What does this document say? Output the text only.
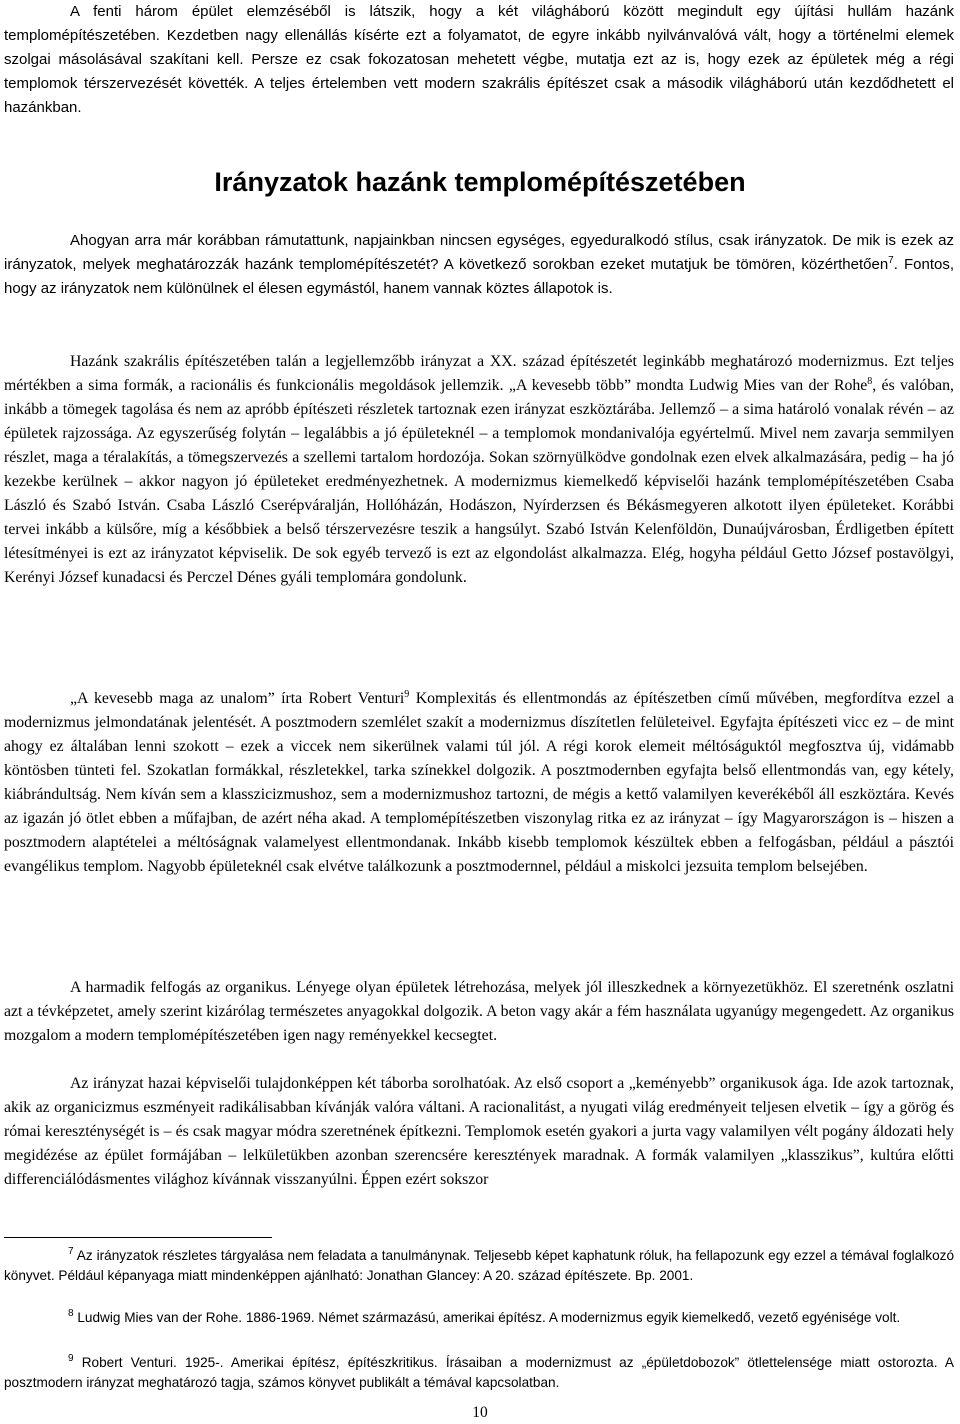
A fenti három épület elemzéséből is látszik, hogy a két világháború között megindult egy újítási hullám hazánk templomépítészetében. Kezdetben nagy ellenállás kísérte ezt a folyamatot, de egyre inkább nyilvánvalóvá vált, hogy a történelmi elemek szolgai másolásával szakítani kell. Persze ez csak fokozatosan mehetett végbe, mutatja ezt az is, hogy ezek az épületek még a régi templomok térszervezését követték. A teljes értelemben vett modern szakrális építészet csak a második világháború után kezdődhetett el hazánkban.

Irányzatok hazánk templomépítészetében

Ahogyan arra már korábban rámutattunk, napjainkban nincsen egységes, egyeduralkodó stílus, csak irányzatok. De mik is ezek az irányzatok, melyek meghatározzák hazánk templomépítészetét? A következő sorokban ezeket mutatjuk be tömören, közérthetően$^7$. Fontos, hogy az irányzatok nem különülnek el élesen egymástól, hanem vannak köztes állapotok is.

Hazánk szakrális építészetében talán a legjellemzőbb irányzat a XX. század építészetét leginkább meghatározó modernizmus. Ezt teljes mértékben a sima formák, a racionális és funkcionális megoldások jellemzik. „A kevesebb több” mondta Ludwig Mies van der Rohe$^8$, és valóban, inkább a tömegek tagolása és nem az apróbb építészeti részletek tartoznak ezen irányzat eszköztárába. Jellemző – a sima határoló vonalak révén – az épületek rajzossága. Az egyszerűség folytán – legalábbis a jó épületeknél – a templomok mondanivalója egyértelmű. Mivel nem zavarja semmilyen részlet, maga a téralakítás, a tömegszervezés a szellemi tartalom hordozója. Sokan szörnyülködve gondolnak ezen elvek alkalmazására, pedig – ha jó kezekbe kerülnek – akkor nagyon jó épületeket eredményezhetnek. A modernizmus kiemelkedő képviselői hazánk templomépítészetében Csaba László és Szabó István. Csaba László Cserépváralján, Hollóházán, Hodászon, Nyírderzsen és Békásmegyeren alkotott ilyen épületeket. Korábbi tervei inkább a külsőre, míg a későbbiek a belső térszervezésre teszik a hangsúlyt. Szabó István Kelenföldön, Dunaújvárosban, Érdligetben épített létesítményei is ezt az irányzatot képviselik. De sok egyéb tervező is ezt az elgondolást alkalmazza. Elég, hogyha például Getto József postavölgyi, Kerényi József kunadacsi és Perczel Dénes gyáli templomára gondolunk.

„A kevesebb maga az unalom” írta Robert Venturi$^9$ Komplexitás és ellentmondás az építészetben című művében, megfordítva ezzel a modernizmus jelmondatának jelentését. A posztmodern szemlélet szakít a modernizmus díszítetlen felületeivel. Egyfajta építészeti vicc ez – de mint ahogy ez általában lenni szokott – ezek a viccek nem sikerülnek valami túl jól. A régi korok elemeit méltóságuktól megfosztva új, vidámabb köntösben tünteti fel. Szokatlan formákkal, részletekkel, tarka színekkel dolgozik. A posztmodernben egyfajta belső ellentmondás van, egy kétely, kiábrándultság. Nem kíván sem a klasszicizmushoz, sem a modernizmushoz tartozni, de mégis a kettő valamilyen keverékéből áll eszköztára. Kevés az igazán jó ötlet ebben a műfajban, de azért néha akad. A templomépítészetben viszonylag ritka ez az irányzat – így Magyarországon is – hiszen a posztmodern alaptételei a méltóságnak valamelyest ellentmondanak. Inkább kisebb templomok készültek ebben a felfogásban, például a pásztói evangélikus templom. Nagyobb épületeknél csak elvétve találkozunk a posztmodernnel, például a miskolci jezsuita templom belsejében.

A harmadik felfogás az organikus. Lényege olyan épületek létrehozása, melyek jól illeszkednek a környezetükhöz. El szeretnénk oszlatni azt a tévképzetet, amely szerint kizárólag természetes anyagokkal dolgozik. A beton vagy akár a fém használata ugyanúgy megengedett. Az organikus mozgalom a modern templomépítészetében igen nagy reményekkel kecsegtet.

Az irányzat hazai képviselői tulajdonképpen két táborba sorolhatóak. Az első csoport a „keményebb” organikusok ága. Ide azok tartoznak, akik az organicizmus eszményeit radikálisabban kívánják valóra váltani. A racionalitást, a nyugati világ eredményeit teljesen elvetik – így a görög és római kereszténységét is – és csak magyar módra szeretnének építkezni. Templomok esetén gyakori a jurta vagy valamilyen vélt pogány áldozati hely megidézése az épület formájában – lelkületükben azonban szerencsére keresztények maradnak. A formák valamilyen „klasszikus”, kultúra előtti differenciálódásmentes világhoz kívánnak visszanyúlni. Éppen ezért sokszor

$^7$ Az irányzatok részletes tárgyalása nem feladata a tanulmánynak. Teljesebb képet kaphatunk róluk, ha fellapozunk egy ezzel a témával foglalkozó könyvet. Például képanyaga miatt mindenképpen ajánlható: Jonathan Glancey: A 20. század építészete. Bp. 2001.

$^8$ Ludwig Mies van der Rohe. 1886-1969. Német származású, amerikai építész. A modernizmus egyik kiemelkedő, vezető egyénisége volt.

$^9$ Robert Venturi. 1925-. Amerikai építész, építészkritikus. Írásaiban a modernizmust az „épületdobozok” ötlettelensége miatt ostorozta. A posztmodern irányzat meghatározó tagja, számos könyvet publikált a témával kapcsolatban.

10
